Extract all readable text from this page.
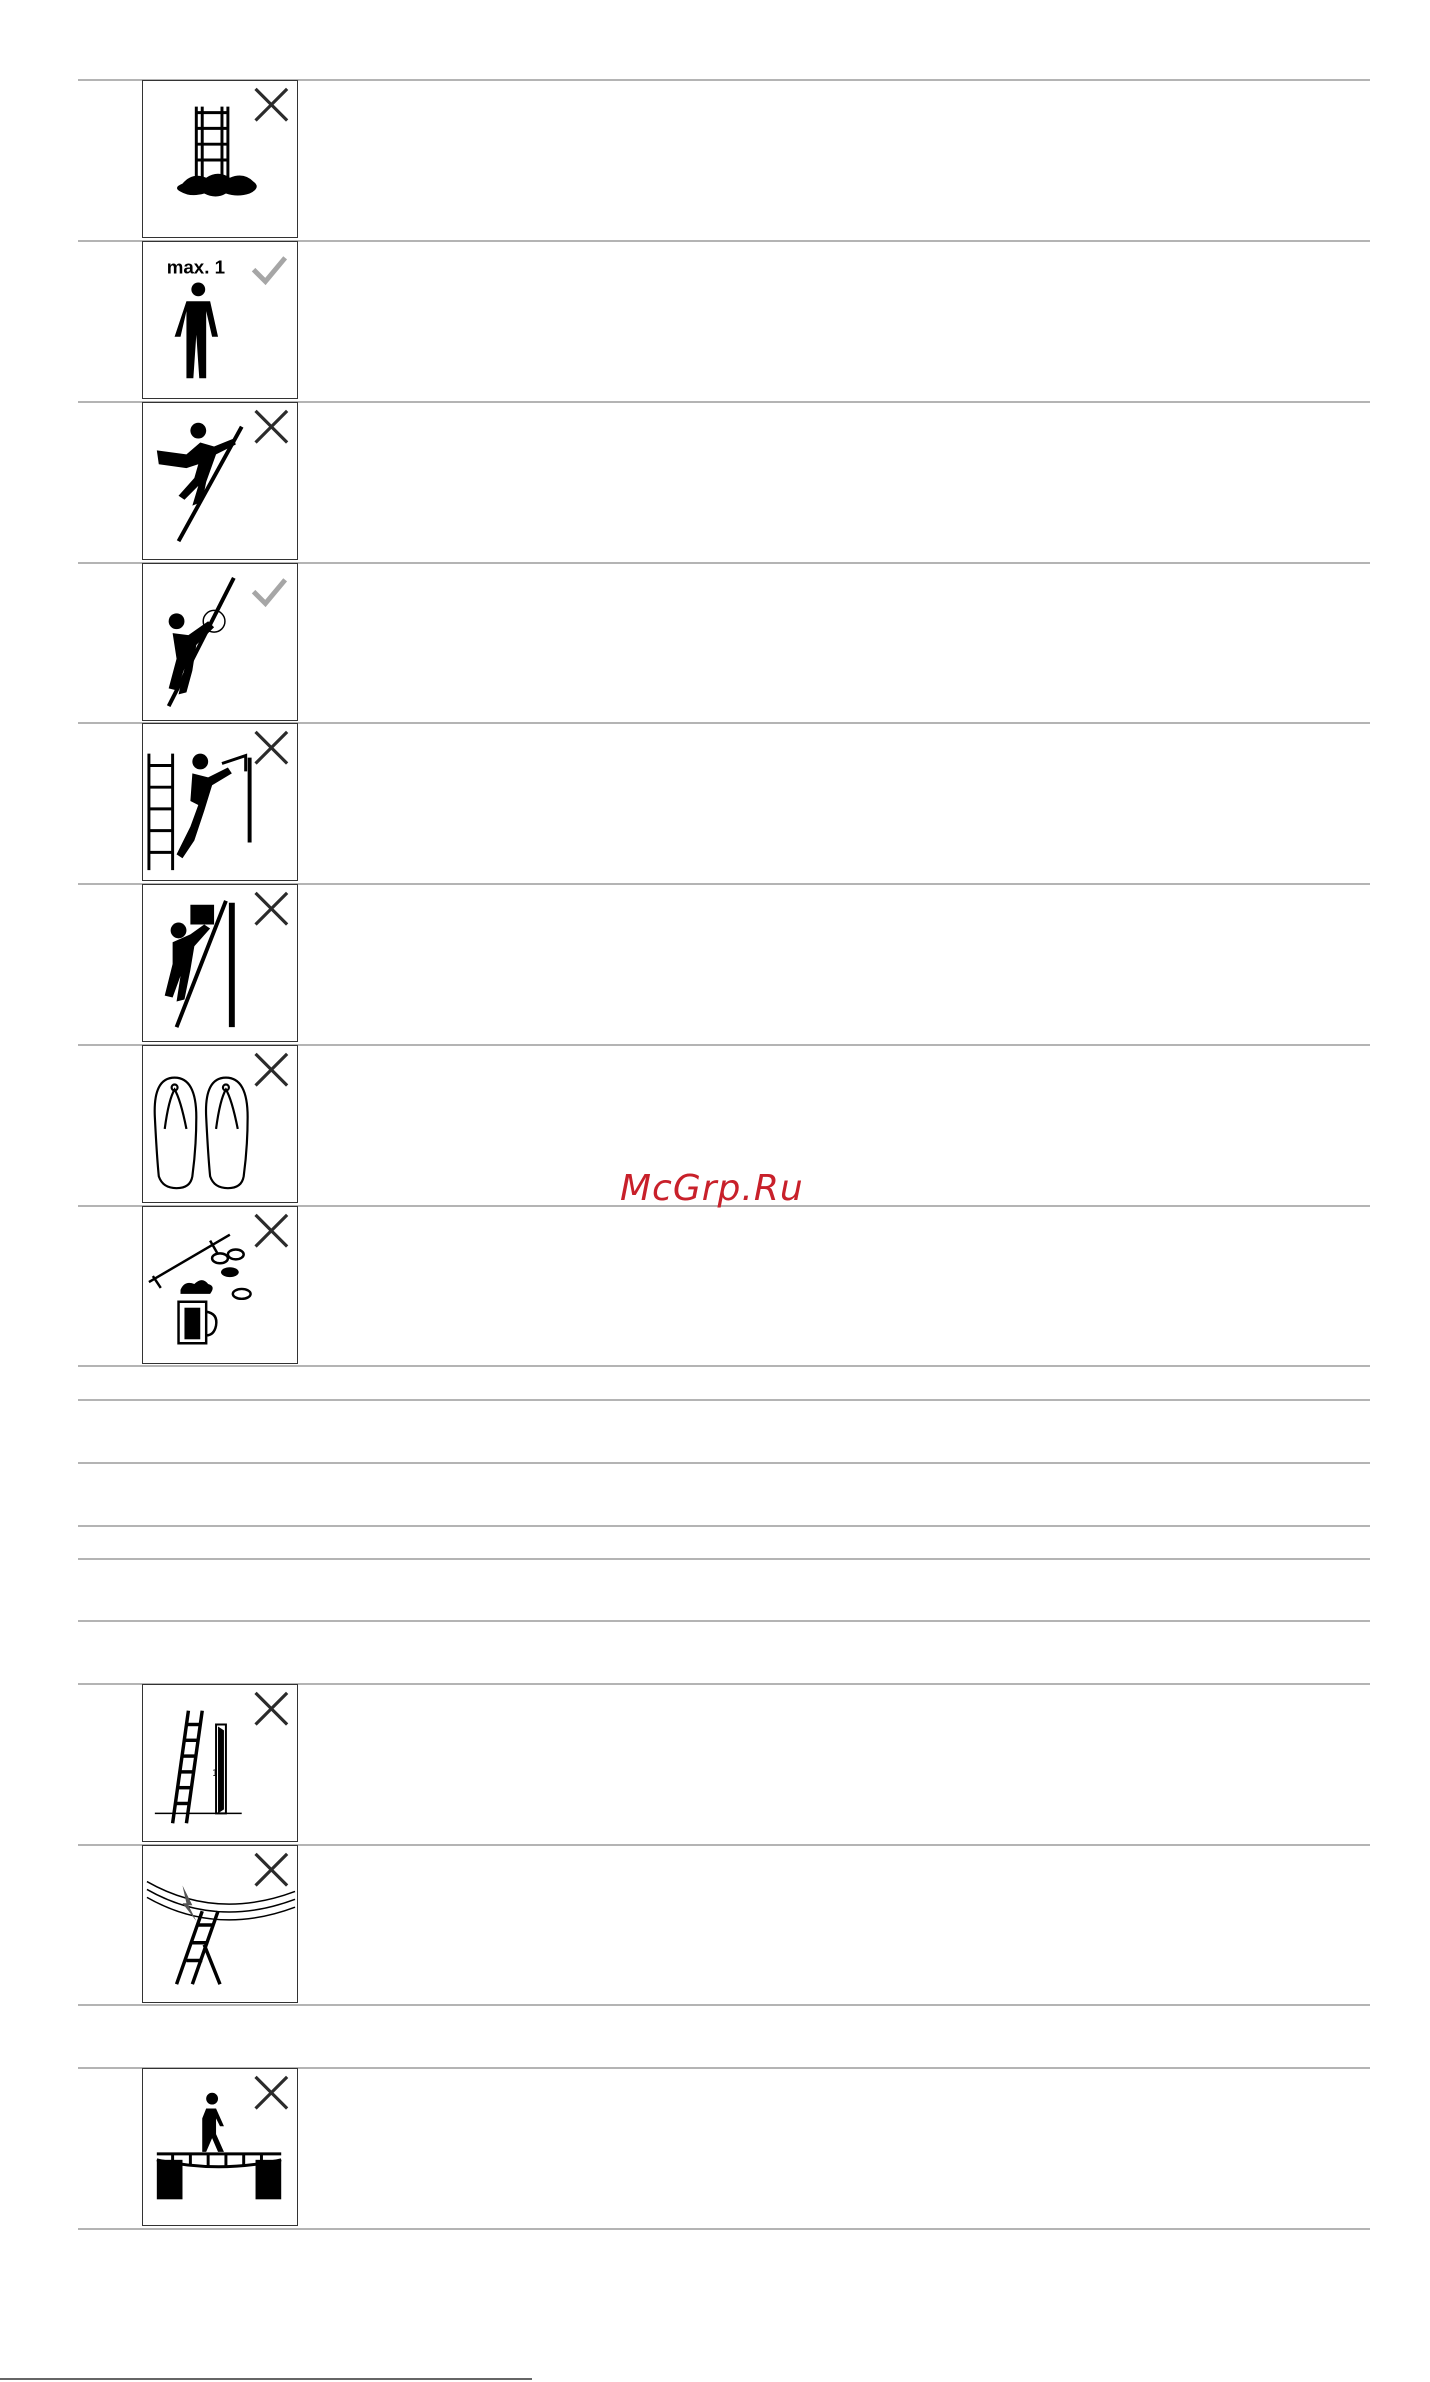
max. 1
1
McGrp.Ru
